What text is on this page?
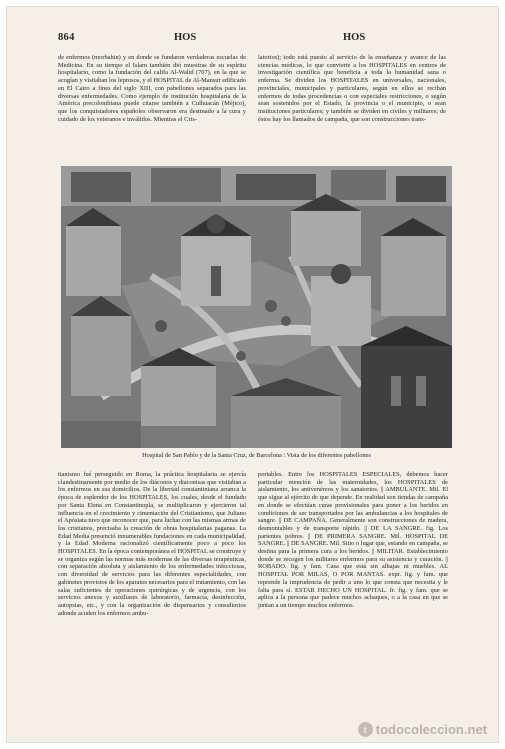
864	HOS	HOS

de enfermos (morbahin) y en donde se fundaron verdaderas escuelas de Medicina. En su tiempo el Islam también dió muestras de su espíritu hospitalario, como la fundación del califa Al-Walid (707), en la que se acogían y visitaban los leprosos, y el HOSPITAL de Al-Mansur edificado en El Cairo a fines del siglo XIII, con pabellones separados para las diversas enfermedades. Como ejemplo de institución hospitalaria de la América precolombiana puede citarse también a Culhuacán (Méjico), que los conquistadores españoles observaron era destinado a la cura y cuidado de los veteranos e inválidos. Mientras el Cris-

latorios); todo está puesto al servicio de la enseñanza y avance de las ciencias médicas, lo que convierte a los HOSPITALES en centros de investigación científica que beneficia a toda la humanidad sana o enferma. Se dividen los HOSPITALES en universales, nacionales, provinciales, municipales y particulares, según en ellos se reciban enfermos de todas procedencias o con especiales restricciones, o según sean sostenidos por el Estado, la provincia o el municipio, o sean instituciones particulares; y también se dividen en civiles y militares; de éstos hay los llamados de campaña, que son construcciones trans-

Hospital de San Pablo y de la Santa Cruz, de Barcelona : Vista de los diferentes pabellones

tianismo fué perseguido en Roma, la práctica hospitalaria se ejercía clandestinamente por medio de los diáconos y diaconisas que visitaban a los enfermos en sus domicilios. De la libertad constantiniana arranca la época de esplendor de los HOSPITALES, los cuales, desde el fundado por Santa Elena en Constantinopla, se multiplicaron y ejercieron tal influencia en el crecimiento y cimentación del Cristianismo, que Juliano el Apóstata tuvo que reconocer que, para luchar con las mismas armas de los cristianos, precisaba la creación de obras hospitalarias paganas. La Edad Media presenció innumerables fundaciones en cada municipalidad, y la Edad Moderna racionalizó científicamente poco a poco los HOSPITALES. En la época contemporánea el HOSPITAL se construye y se organiza según las normas más modernas de las diversas terapéuticas, con separación absoluta y aislamiento de los enfermedades infecciosas, con diversidad de servicios para las diferentes especialidades, con gabinetes provistos de los aparatos necesarios para el tratamiento, con las salas suficientes de operaciones quirúrgicas y de urgencia, con los servicios anexos y auxiliares de laboratorio, farmacia, desinfección, autopsias, etc., y con la organización de dispensarios y consultorios adonde acuden los enfermos ambu-

portables. Entre los HOSPITALES ESPECIALES, debemos hacer particular mención de las maternidades, los HOSPITALES de aislamiento, los antivenéreos y los sanatorios. || AMBULANTE. Mil. El que sigue al ejército de que depende. En realidad son tiendas de campaña en donde se efectúan curas provisionales para poner a los heridos en condiciones de ser transportados por las ambulancias a los hospitales de sangre. || DE CAMPAÑA. Generalmente son construcciones de madera, desmontables y de transporte rápido. || DE LA SANGRE. fig. Los parientes pobres. || DE PRIMERA SANGRE. Mil. HOSPITAL DE SANGRE. || DE SANGRE. Mil. Sitio o lugar que, estando en campaña, se destina para la primera cura a los heridos. || MILITAR. Establecimiento donde se recogen los militares enfermos para su asistencia y curación. || ROBADO. fig. y fam. Casa que está sin alhajas ni muebles. AL HOSPITAL POR MILAS, O POR MANTAS. expr. fig. y fam. que reprende la imprudencia de pedir a uno lo que consta que necesita y le falta para sí. ESTAR HECHO UN HOSPITAL. fr. fig. y fam. que se aplica a la persona que padece muchos achaques, o a la casa en que se juntan a un tiempo muchos enfermos.

t todocoleccion . net
